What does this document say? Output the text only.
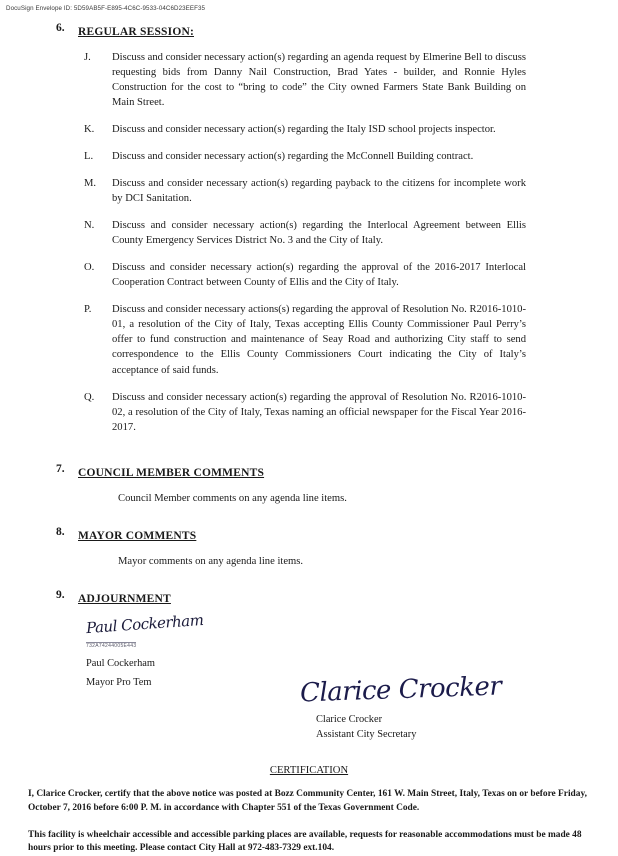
DocuSign Envelope ID: 5D59AB5F-E895-4C6C-9533-04C6D23EEF35
6. REGULAR SESSION:
J. Discuss and consider necessary action(s) regarding an agenda request by Elmerine Bell to discuss requesting bids from Danny Nail Construction, Brad Yates - builder, and Ronnie Hyles Construction for the cost to “bring to code” the City owned Farmers State Bank Building on Main Street.
K. Discuss and consider necessary action(s) regarding the Italy ISD school projects inspector.
L. Discuss and consider necessary action(s) regarding the McConnell Building contract.
M. Discuss and consider necessary action(s) regarding payback to the citizens for incomplete work by DCI Sanitation.
N. Discuss and consider necessary action(s) regarding the Interlocal Agreement between Ellis County Emergency Services District No. 3 and the City of Italy.
O. Discuss and consider necessary action(s) regarding the approval of the 2016-2017 Interlocal Cooperation Contract between County of Ellis and the City of Italy.
P. Discuss and consider necessary actions(s) regarding the approval of Resolution No. R2016-1010-01, a resolution of the City of Italy, Texas accepting Ellis County Commissioner Paul Perry’s offer to fund construction and maintenance of Seay Road and authorizing City staff to send correspondence to the Ellis County Commissioners Court indicating the City of Italy’s acceptance of said funds.
Q. Discuss and consider necessary action(s) regarding the approval of Resolution No. R2016-1010-02, a resolution of the City of Italy, Texas naming an official newspaper for the Fiscal Year 2016-2017.
7. COUNCIL MEMBER COMMENTS
Council Member comments on any agenda line items.
8. MAYOR COMMENTS
Mayor comments on any agenda line items.
9. ADJOURNMENT
Paul Cockerham 732A74244005E443
Paul Cockerham
Mayor Pro Tem	Clarice Crocker
Clarice Crocker
Assistant City Secretary
CERTIFICATION
I, Clarice Crocker, certify that the above notice was posted at Bozz Community Center, 161 W. Main Street, Italy, Texas on or before Friday, October 7, 2016 before 6:00 P. M. in accordance with Chapter 551 of the Texas Government Code.
This facility is wheelchair accessible and accessible parking places are available, requests for reasonable accommodations must be made 48 hours prior to this meeting. Please contact City Hall at 972-483-7329 ext.104.
